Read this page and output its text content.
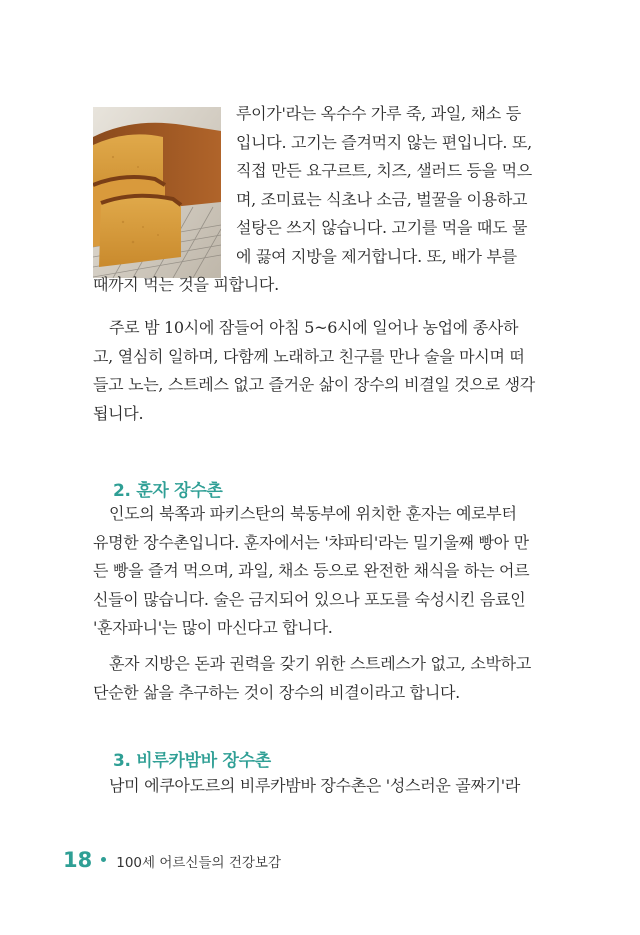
루이가'라는 옥수수 가루 죽, 과일, 채소 등
입니다. 고기는 즐겨먹지 않는 편입니다. 또,
직접 만든 요구르트, 치즈, 샐러드 등을 먹으
며, 조미료는 식초나 소금, 벌꿀을 이용하고
설탕은 쓰지 않습니다. 고기를 먹을 때도 물
에 끓여 지방을 제거합니다. 또, 배가 부를
때까지 먹는 것을 피합니다.
주로 밤 10시에 잠들어 아침 5~6시에 일어나 농업에 종사하
고, 열심히 일하며, 다함께 노래하고 친구를 만나 술을 마시며 떠
들고 노는, 스트레스 없고 즐거운 삶이 장수의 비결일 것으로 생각
됩니다.
2. 훈자 장수촌
인도의 북쪽과 파키스탄의 북동부에 위치한 훈자는 예로부터
유명한 장수촌입니다. 훈자에서는 '챠파티'라는 밀기울째 빵아 만
든 빵을 즐겨 먹으며, 과일, 채소 등으로 완전한 채식을 하는 어르
신들이 많습니다. 술은 금지되어 있으나 포도를 숙성시킨 음료인
'훈자파니'는 많이 마신다고 합니다.
훈자 지방은 돈과 권력을 갖기 위한 스트레스가 없고, 소박하고
단순한 삶을 추구하는 것이 장수의 비결이라고 합니다.
3. 비루카밤바 장수촌
남미 에쿠아도르의 비루카밤바 장수촌은 '성스러운 골짜기'라
18 100세 어르신들의 건강보감
